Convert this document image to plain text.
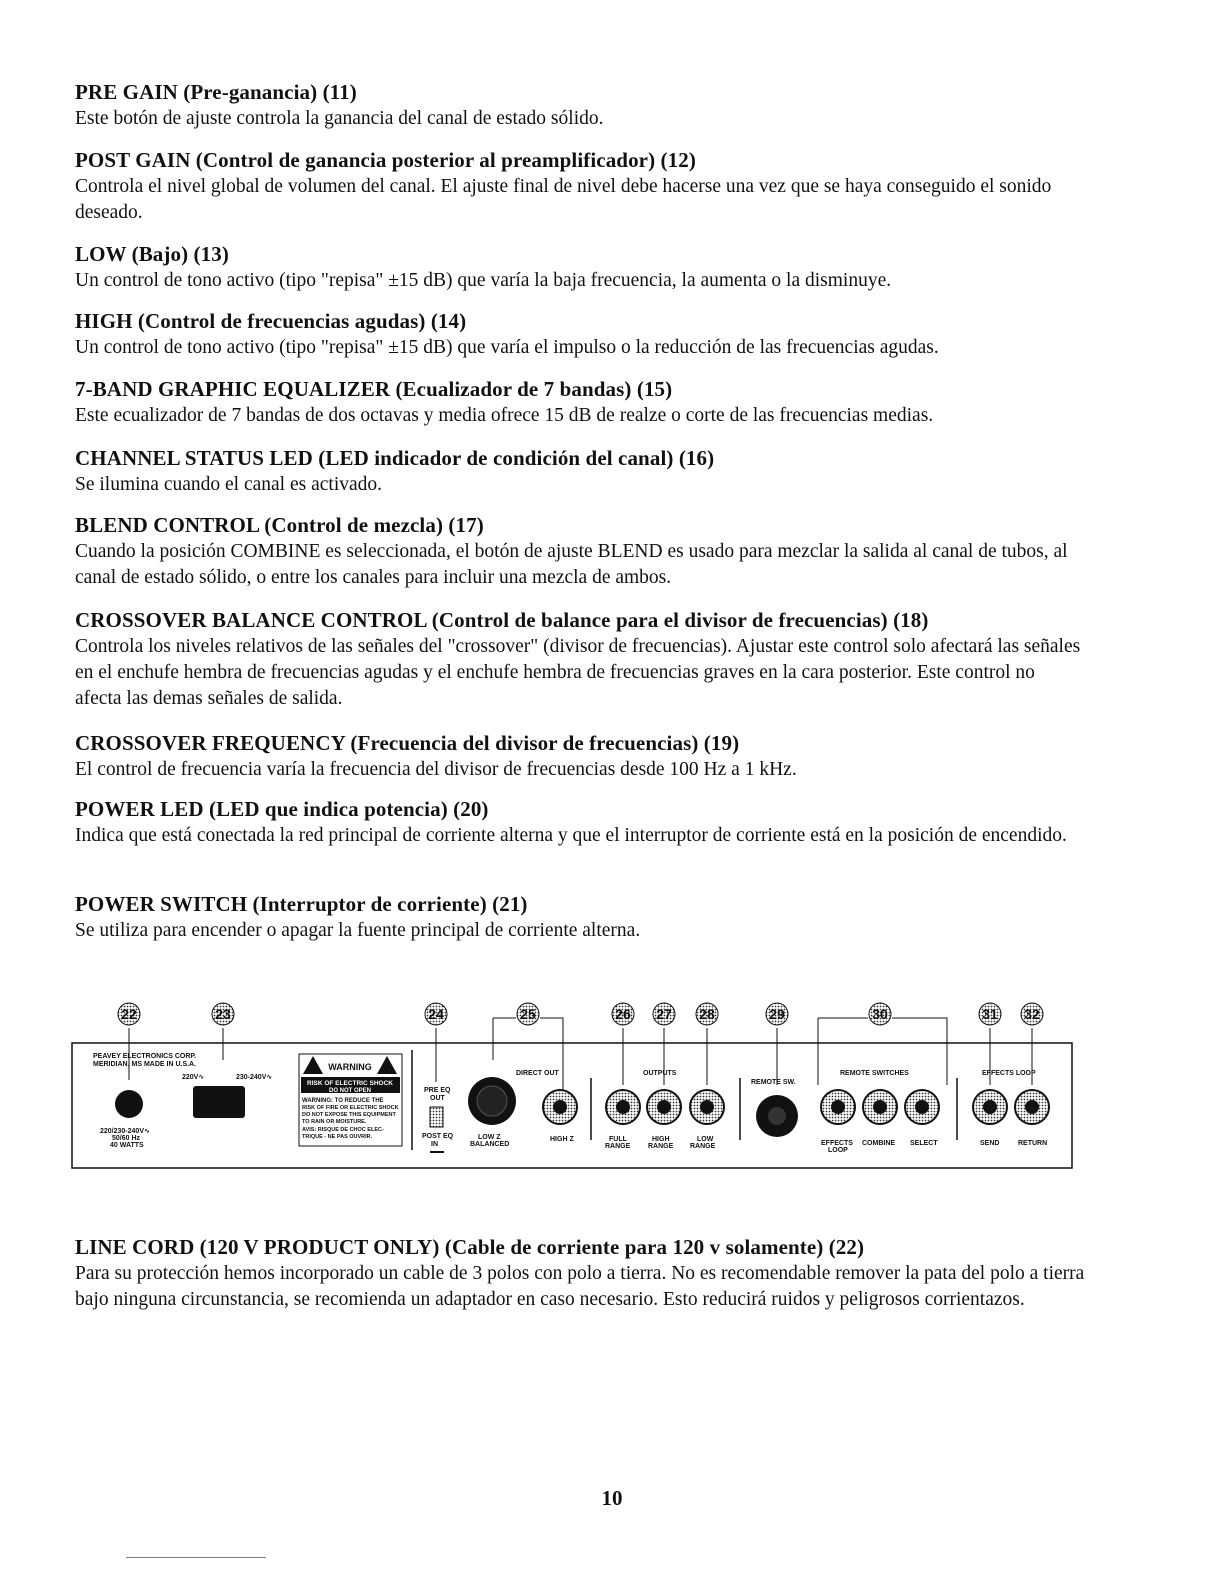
PRE GAIN (Pre-ganancia) (11)

Este botón de ajuste controla la ganancia del canal de estado sólido.

POST GAIN (Control de ganancia posterior al preamplificador) (12)

Controla el nivel global de volumen del canal. El ajuste final de nivel debe hacerse una vez que se haya conseguido el sonido deseado.

LOW (Bajo) (13)

Un control de tono activo (tipo "repisa" ±15 dB) que varía la baja frecuencia, la aumenta o la disminuye.

HIGH (Control de frecuencias agudas) (14)

Un control de tono activo (tipo "repisa" ±15 dB) que varía el impulso o la reducción de las frecuencias agudas.

7-BAND GRAPHIC EQUALIZER (Ecualizador de 7 bandas) (15)

Este ecualizador de 7 bandas de dos octavas y media ofrece 15 dB de realze o corte de las frecuencias medias.

CHANNEL STATUS LED (LED indicador de condición del canal) (16)

Se ilumina cuando el canal es activado.

BLEND CONTROL (Control de mezcla) (17)

Cuando la posición COMBINE es seleccionada, el botón de ajuste BLEND es usado para mezclar la salida al canal de tubos, al canal de estado sólido, o entre los canales para incluir una mezcla de ambos.

CROSSOVER BALANCE CONTROL (Control de balance para el divisor de frecuencias) (18)

Controla los niveles relativos de las señales del "crossover" (divisor de frecuencias). Ajustar este control solo afectará las señales en el enchufe hembra de frecuencias agudas y el enchufe hembra de frecuencias graves en la cara posterior. Este control no afecta las demas señales de salida.

CROSSOVER FREQUENCY (Frecuencia del divisor de frecuencias) (19)

El control de frecuencia varía la frecuencia del divisor de frecuencias desde 100 Hz a 1 kHz.

POWER LED (LED que indica potencia) (20)

Indica que está conectada la red principal de corriente alterna y que el interruptor de corriente está en la posición de encendido.

POWER SWITCH (Interruptor de corriente) (21)

Se utiliza para encender o apagar la fuente principal de corriente alterna.

22	23	24	25	26 27 28	29	30	31 32
PEAVEY ELECTRONICS CORP.
MERIDIAN, MS MADE IN U.S.A.
220V∿	230-240V∿
220/230-240V∿
50/60 Hz
40 WATTS
WARNING
RISK OF ELECTRIC SHOCK
DO NOT OPEN
WARNING: TO REDUCE THE
RISK OF FIRE OR ELECTRIC SHOCK
DO NOT EXPOSE THIS EQUIPMENT
TO RAIN OR MOISTURE.
AVIS: RISQUE DE CHOC ELEC-
TRIQUE - NE PAS OUVRIR.
PRE EQ
OUT
POST EQ
IN
DIRECT OUT
LOW Z
BALANCED
HIGH Z
OUTPUTS
FULL
RANGE
HIGH
RANGE
LOW
RANGE
REMOTE SW.
REMOTE SWITCHES
EFFECTS
LOOP
COMBINE SELECT
EFFECTS LOOP
SEND	RETURN
LINE CORD (120 V PRODUCT ONLY) (Cable de corriente para 120 v solamente) (22)

Para su protección hemos incorporado un cable de 3 polos con polo a tierra. No es recomendable remover la pata del polo a tierra bajo ninguna circunstancia, se recomienda un adaptador en caso necesario. Esto reducirá ruidos y peligrosos corrientazos.

10
